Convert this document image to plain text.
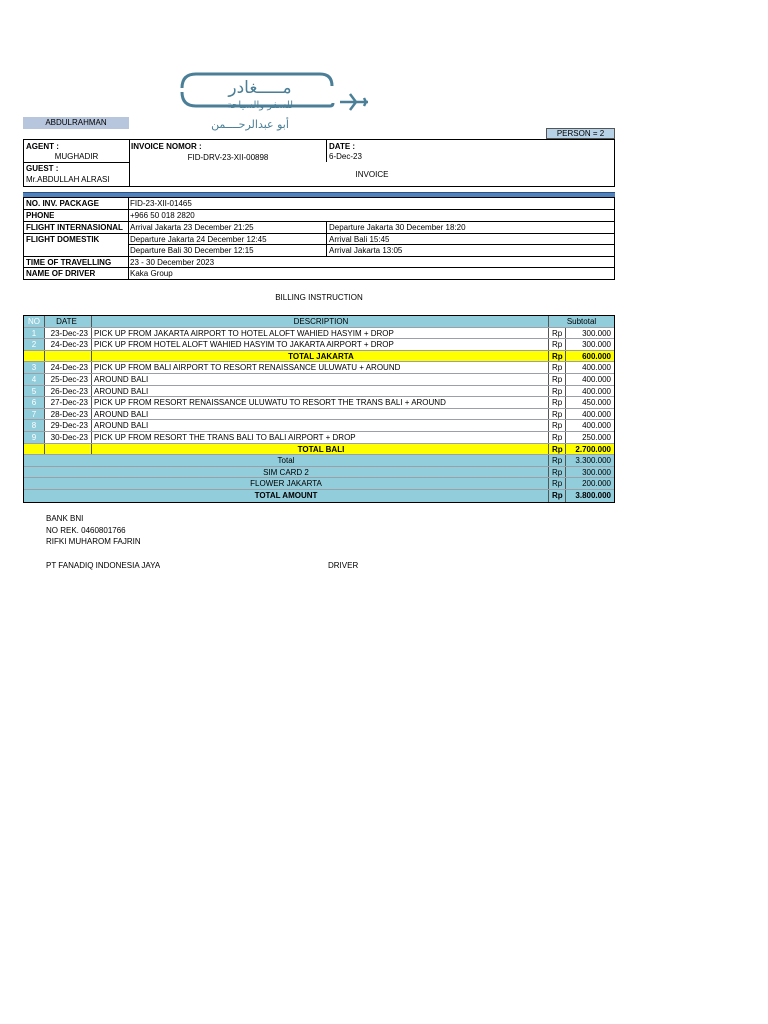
مـــــغادر
للسفر والسياحة
أبو عبدالرحــــمن
ABDULRAHMAN
PERSON = 2
AGENT :
MUGHADIR
INVOICE NOMOR :
FID-DRV-23-XII-00898
DATE :
6-Dec-23
GUEST :
Mr.ABDULLAH ALRASI
INVOICE
NO. INV. PACKAGE	FID-23-XII-01465
PHONE	+966 50 018 2820
FLIGHT INTERNASIONAL Arrival Jakarta 23 December 21:25	Departure Jakarta 30 December 18:20
FLIGHT DOMESTIK	Departure Jakarta 24 December 12:45	Arrival Bali 15:45
Departure Bali 30 December 12:15	Arrival Jakarta 13:05
TIME OF TRAVELLING 23 - 30 December 2023
NAME OF DRIVER	Kaka Group
BILLING INSTRUCTION
NO	DATE	DESCRIPTION	Subtotal
1	23-Dec-23 PICK UP FROM JAKARTA AIRPORT TO HOTEL ALOFT WAHIED HASYIM + DROP	Rp	300.000
2	24-Dec-23 PICK UP FROM HOTEL ALOFT WAHIED HASYIM TO JAKARTA AIRPORT + DROP	Rp	300.000
TOTAL JAKARTA	Rp	600.000
3	24-Dec-23 PICK UP FROM BALI AIRPORT TO RESORT RENAISSANCE ULUWATU + AROUND	Rp	400.000
4	25-Dec-23 AROUND BALI	Rp	400.000
5	26-Dec-23 AROUND BALI	Rp	400.000
6	27-Dec-23 PICK UP FROM RESORT RENAISSANCE ULUWATU TO RESORT THE TRANS BALI + AROUND	Rp	450.000
7	28-Dec-23 AROUND BALI	Rp	400.000
8	29-Dec-23 AROUND BALI	Rp	400.000
9	30-Dec-23 PICK UP FROM RESORT THE TRANS BALI TO BALI AIRPORT + DROP	Rp	250.000
TOTAL BALI	Rp	2.700.000
Total	Rp	3.300.000
SIM CARD 2	Rp	300.000
FLOWER JAKARTA	Rp	200.000
TOTAL AMOUNT	Rp	3.800.000
BANK BNI
NO REK. 0460801766
RIFKI MUHAROM FAJRIN
PT FANADIQ INDONESIA JAYA	DRIVER
